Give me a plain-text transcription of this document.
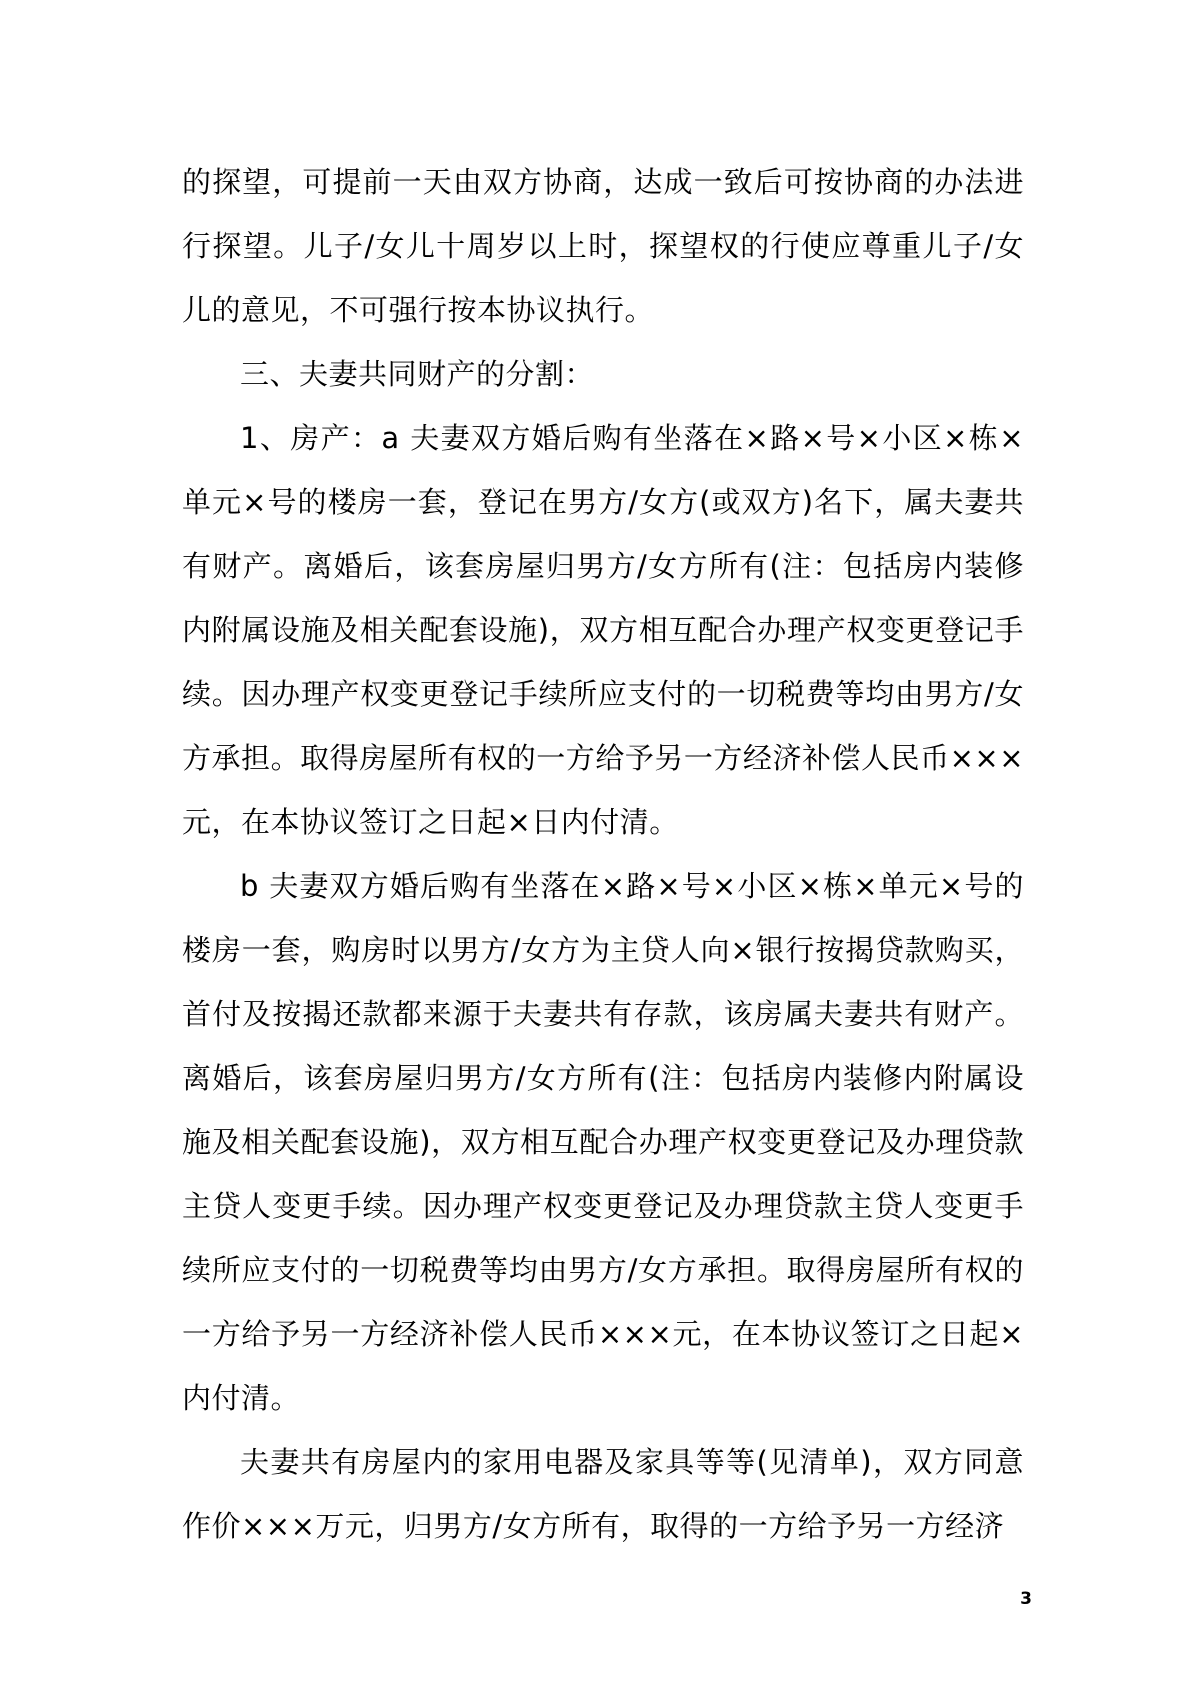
的探望，可提前一天由双方协商，达成一致后可按协商的办法进行探望。儿子/女儿十周岁以上时，探望权的行使应尊重儿子/女儿的意见，不可强行按本协议执行。

三、夫妻共同财产的分割：

1、房产：a 夫妻双方婚后购有坐落在×路×号×小区×栋×单元×号的楼房一套，登记在男方/女方(或双方)名下，属夫妻共有财产。离婚后，该套房屋归男方/女方所有(注：包括房内装修内附属设施及相关配套设施)，双方相互配合办理产权变更登记手续。因办理产权变更登记手续所应支付的一切税费等均由男方/女方承担。取得房屋所有权的一方给予另一方经济补偿人民币×××元，在本协议签订之日起×日内付清。

b 夫妻双方婚后购有坐落在×路×号×小区×栋×单元×号的楼房一套，购房时以男方/女方为主贷人向×银行按揭贷款购买，首付及按揭还款都来源于夫妻共有存款，该房属夫妻共有财产。离婚后，该套房屋归男方/女方所有(注：包括房内装修内附属设施及相关配套设施)，双方相互配合办理产权变更登记及办理贷款主贷人变更手续。因办理产权变更登记及办理贷款主贷人变更手续所应支付的一切税费等均由男方/女方承担。取得房屋所有权的一方给予另一方经济补偿人民币×××元，在本协议签订之日起×内付清。

夫妻共有房屋内的家用电器及家具等等(见清单)，双方同意作价×××万元，归男方/女方所有，取得的一方给予另一方经济

3
